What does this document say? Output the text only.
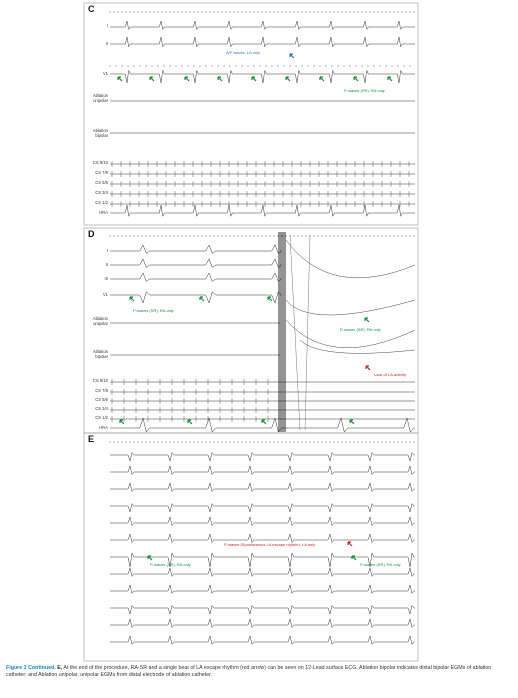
C
I
II
V1
Ablation
unipolar
Ablation
bipolar
CS 9/10
CS 7/8
CS 5/6
CS 3/4
CS 1/2
HRA
A/F waves, LA only
P-waves (SR), RA only
D
I
II
III
V1
Ablation
unipolar
Ablation
bipolar
CS 9/10
CS 7/8
CS 5/6
CS 3/4
CS 1/2
HRA
P-waves (SR), RA only
P-waves (SR), RA only
Lack of LA activity
E
P-waves (Spontaneous LA escape rhythm), LA only
P-waves (SR), RA only	P-waves (SR), RA only
Figure 1 Continued. E, At the end of the procedure, RA-SR and a single beat of LA escape rhythm (red arrow) can be seen on 12-Lead surface ECG. Ablation bipolar indicates distal bipolar EGMs of ablation catheter; and Ablation unipolar, unipolar EGMs from distal electrode of ablation catheter.
